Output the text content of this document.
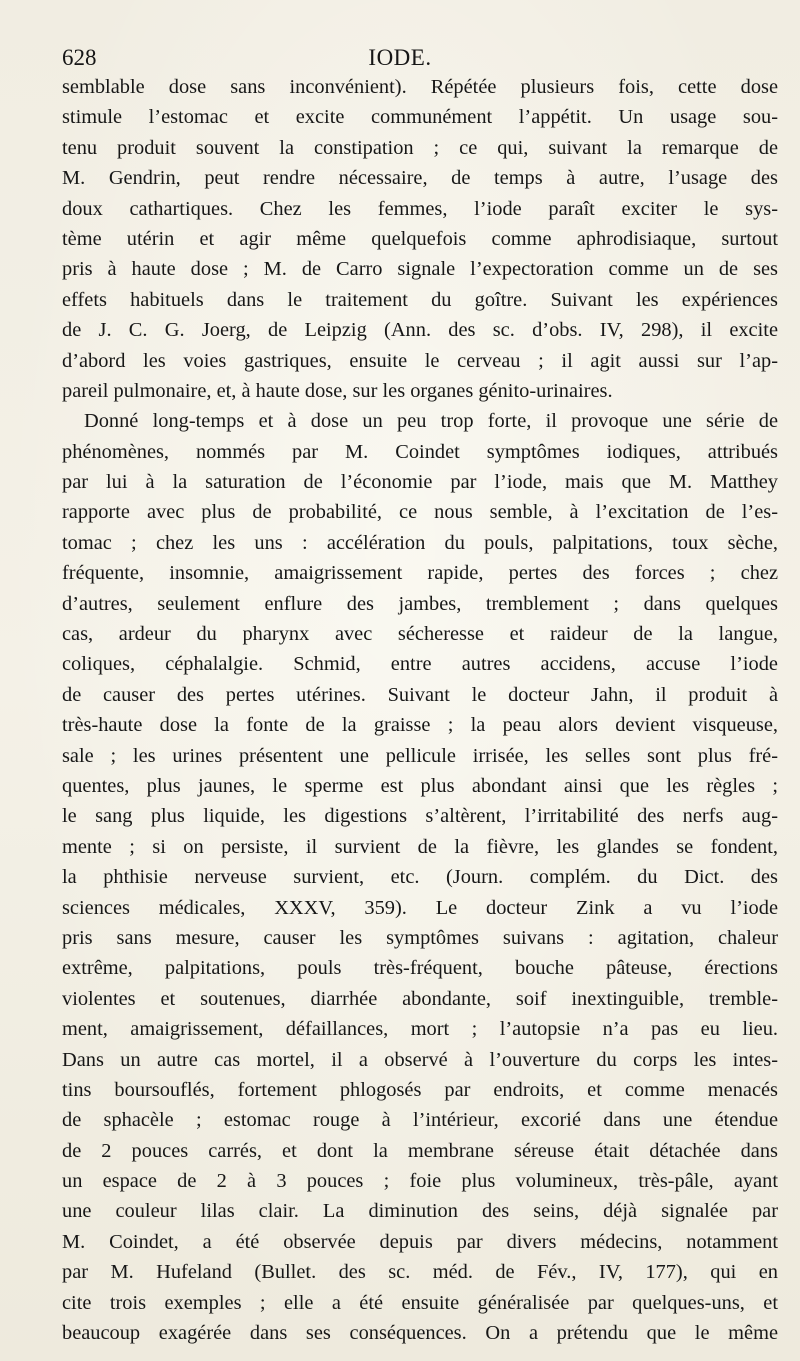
628	IODE.
semblable dose sans inconvénient). Répétée plusieurs fois, cette dose
stimule l’estomac et excite communément l’appétit. Un usage sou-
tenu produit souvent la constipation ; ce qui, suivant la remarque de
M. Gendrin, peut rendre nécessaire, de temps à autre, l’usage des
doux cathartiques. Chez les femmes, l’iode paraît exciter le sys-
tème utérin et agir même quelquefois comme aphrodisiaque, surtout
pris à haute dose ; M. de Carro signale l’expectoration comme un de ses
effets habituels dans le traitement du goître. Suivant les expériences
de J. C. G. Joerg, de Leipzig (Ann. des sc. d’obs. IV, 298), il excite
d’abord les voies gastriques, ensuite le cerveau ; il agit aussi sur l’ap-
pareil pulmonaire, et, à haute dose, sur les organes génito-urinaires.
Donné long-temps et à dose un peu trop forte, il provoque une série de
phénomènes, nommés par M. Coindet symptômes iodiques, attribués
par lui à la saturation de l’économie par l’iode, mais que M. Matthey
rapporte avec plus de probabilité, ce nous semble, à l’excitation de l’es-
tomac ; chez les uns : accélération du pouls, palpitations, toux sèche,
fréquente, insomnie, amaigrissement rapide, pertes des forces ; chez
d’autres, seulement enflure des jambes, tremblement ; dans quelques
cas, ardeur du pharynx avec sécheresse et raideur de la langue,
coliques, céphalalgie. Schmid, entre autres accidens, accuse l’iode
de causer des pertes utérines. Suivant le docteur Jahn, il produit à
très-haute dose la fonte de la graisse ; la peau alors devient visqueuse,
sale ; les urines présentent une pellicule irrisée, les selles sont plus fré-
quentes, plus jaunes, le sperme est plus abondant ainsi que les règles ;
le sang plus liquide, les digestions s’altèrent, l’irritabilité des nerfs aug-
mente ; si on persiste, il survient de la fièvre, les glandes se fondent,
la phthisie nerveuse survient, etc. (Journ. complém. du Dict. des
sciences médicales, XXXV, 359). Le docteur Zink a vu l’iode
pris sans mesure, causer les symptômes suivans : agitation, chaleur
extrême, palpitations, pouls très-fréquent, bouche pâteuse, érections
violentes et soutenues, diarrhée abondante, soif inextinguible, tremble-
ment, amaigrissement, défaillances, mort ; l’autopsie n’a pas eu lieu.
Dans un autre cas mortel, il a observé à l’ouverture du corps les intes-
tins boursouflés, fortement phlogosés par endroits, et comme menacés
de sphacèle ; estomac rouge à l’intérieur, excorié dans une étendue
de 2 pouces carrés, et dont la membrane séreuse était détachée dans
un espace de 2 à 3 pouces ; foie plus volumineux, très-pâle, ayant
une couleur lilas clair. La diminution des seins, déjà signalée par
M. Coindet, a été observée depuis par divers médecins, notamment
par M. Hufeland (Bullet. des sc. méd. de Fév., IV, 177), qui en
cite trois exemples ; elle a été ensuite généralisée par quelques-uns, et
beaucoup exagérée dans ses conséquences. On a prétendu que le même
